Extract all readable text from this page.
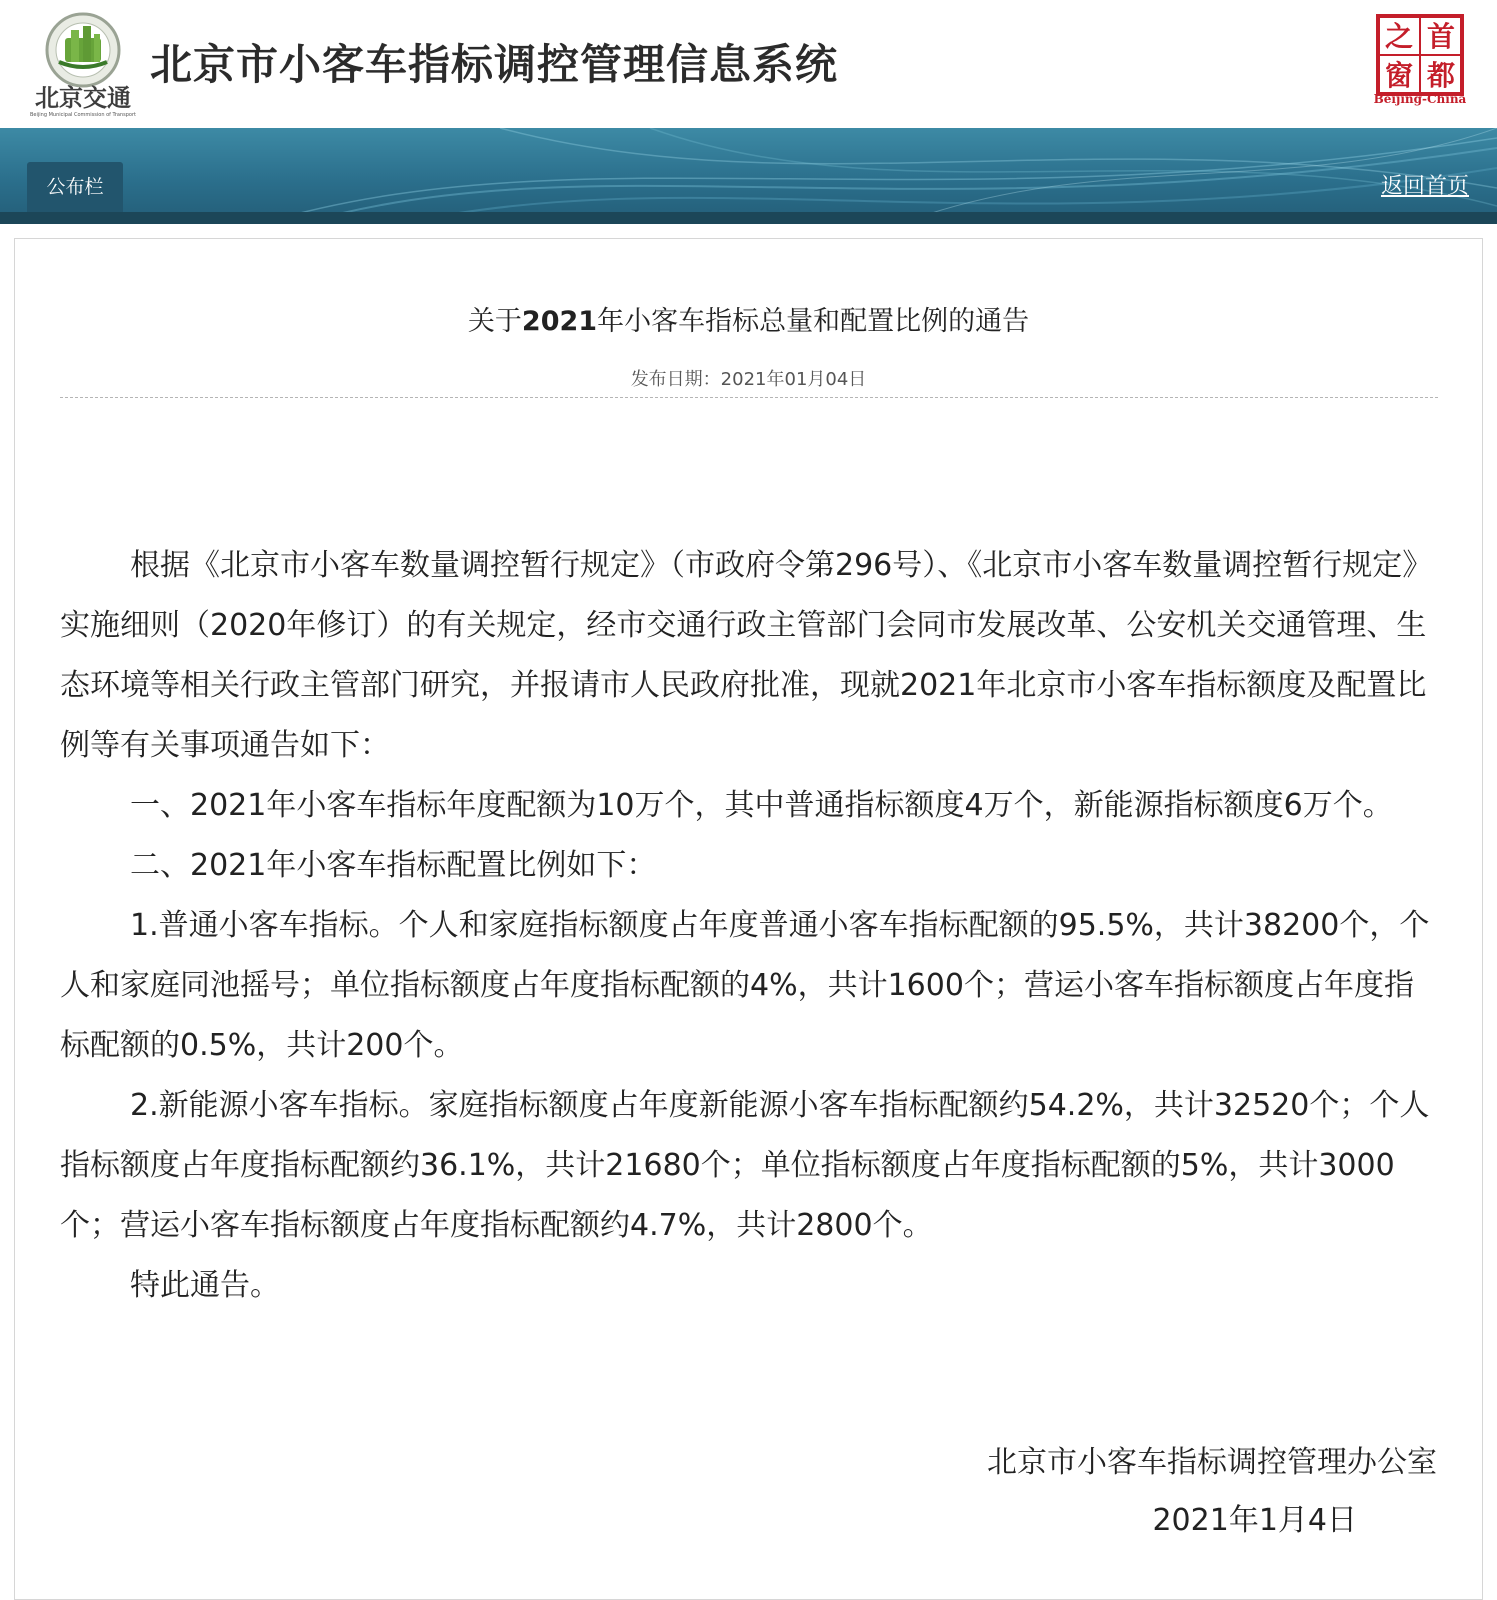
北京交通
Beijing Municipal Commission of Transport
北京市小客车指标调控管理信息系统
首
之
都
窗
Beijing-China
公布栏	返回首页
关于2021年小客车指标总量和配置比例的通告
发布日期：2021年01月04日

根据《北京市小客车数量调控暂行规定》（市政府令第296号）、《北京市小客车数量调控暂行规定》实施细则（2020年修订）的有关规定，经市交通行政主管部门会同市发展改革、公安机关交通管理、生态环境等相关行政主管部门研究，并报请市人民政府批准，现就2021年北京市小客车指标额度及配置比例等有关事项通告如下：

一、2021年小客车指标年度配额为10万个，其中普通指标额度4万个，新能源指标额度6万个。

二、2021年小客车指标配置比例如下：

1.普通小客车指标。个人和家庭指标额度占年度普通小客车指标配额的95.5%，共计38200个，个人和家庭同池摇号；单位指标额度占年度指标配额的4%，共计1600个；营运小客车指标额度占年度指标配额的0.5%，共计200个。

2.新能源小客车指标。家庭指标额度占年度新能源小客车指标配额约54.2%，共计32520个；个人指标额度占年度指标配额约36.1%，共计21680个；单位指标额度占年度指标配额的5%，共计3000个；营运小客车指标额度占年度指标配额约4.7%，共计2800个。

特此通告。

北京市小客车指标调控管理办公室
2021年1月4日
